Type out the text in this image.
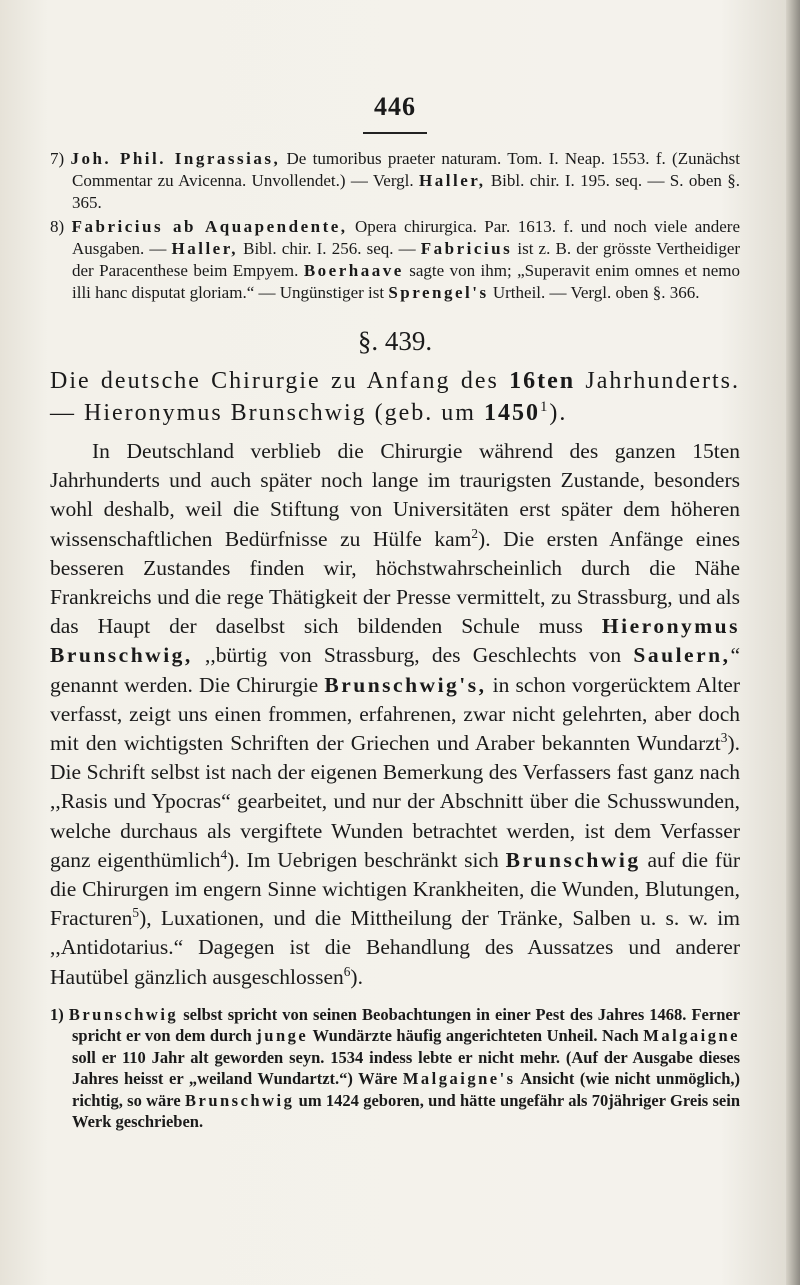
446

7) Joh. Phil. Ingrassias, De tumoribus praeter naturam. Tom. I. Neap. 1553. f. (Zunächst Commentar zu Avicenna. Unvollendet.) — Vergl. Haller, Bibl. chir. I. 195. seq. — S. oben §. 365.

8) Fabricius ab Aquapendente, Opera chirurgica. Par. 1613. f. und noch viele andere Ausgaben. — Haller, Bibl. chir. I. 256. seq. — Fabricius ist z. B. der grösste Vertheidiger der Paracenthese beim Empyem. Boerhaave sagte von ihm; „Superavit enim omnes et nemo illi hanc disputat gloriam.“ — Ungünstiger ist Sprengel's Urtheil. — Vergl. oben §. 366.

§. 439.

Die deutsche Chirurgie zu Anfang des 16ten Jahrhunderts. — Hieronymus Brunschwig (geb. um 1450$^1$).

In Deutschland verblieb die Chirurgie während des ganzen 15ten Jahrhunderts und auch später noch lange im traurigsten Zustande, besonders wohl deshalb, weil die Stiftung von Universitäten erst später dem höheren wissenschaftlichen Bedürfnisse zu Hülfe kam$^2$). Die ersten Anfänge eines besseren Zustandes finden wir, höchstwahrscheinlich durch die Nähe Frankreichs und die rege Thätigkeit der Presse vermittelt, zu Strassburg, und als das Haupt der daselbst sich bildenden Schule muss Hieronymus Brunschwig, ,,bürtig von Strassburg, des Geschlechts von Saulern,“ genannt werden. Die Chirurgie Brunschwig's, in schon vorgerücktem Alter verfasst, zeigt uns einen frommen, erfahrenen, zwar nicht gelehrten, aber doch mit den wichtigsten Schriften der Griechen und Araber bekannten Wundarzt$^3$). Die Schrift selbst ist nach der eigenen Bemerkung des Verfassers fast ganz nach ,,Rasis und Ypocras“ gearbeitet, und nur der Abschnitt über die Schusswunden, welche durchaus als vergiftete Wunden betrachtet werden, ist dem Verfasser ganz eigenthümlich$^4$). Im Uebrigen beschränkt sich Brunschwig auf die für die Chirurgen im engern Sinne wichtigen Krankheiten, die Wunden, Blutungen, Fracturen$^5$), Luxationen, und die Mittheilung der Tränke, Salben u. s. w. im ,,Antidotarius.“ Dagegen ist die Behandlung des Aussatzes und anderer Hautübel gänzlich ausgeschlossen$^6$).

1) Brunschwig selbst spricht von seinen Beobachtungen in einer Pest des Jahres 1468. Ferner spricht er von dem durch junge Wundärzte häufig angerichteten Unheil. Nach Malgaigne soll er 110 Jahr alt geworden seyn. 1534 indess lebte er nicht mehr. (Auf der Ausgabe dieses Jahres heisst er „weiland Wundartzt.“) Wäre Malgaigne's Ansicht (wie nicht unmöglich,) richtig, so wäre Brunschwig um 1424 geboren, und hätte ungefähr als 70jähriger Greis sein Werk geschrieben.
